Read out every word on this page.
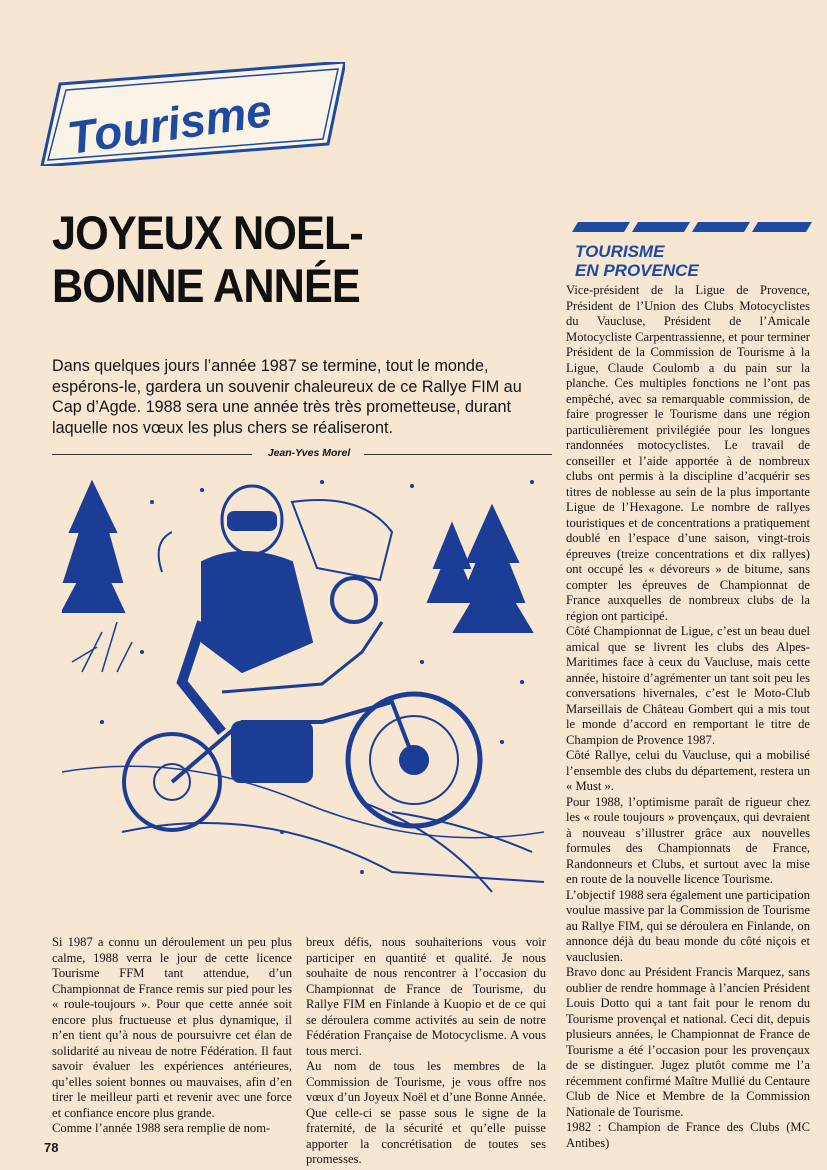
Tourisme
JOYEUX NOEL-
BONNE ANNÉE
Dans quelques jours l’année 1987 se termine, tout le monde, espérons-le, gardera un souvenir chaleureux de ce Rallye FIM au Cap d’Agde. 1988 sera une année très très prometteuse, durant laquelle nos vœux les plus chers se réaliseront.
Jean-Yves Morel

Si 1987 a connu un déroulement un peu plus calme, 1988 verra le jour de cette licence Tourisme FFM tant attendue, d’un Championnat de France remis sur pied pour les « roule-toujours ». Pour que cette année soit encore plus fructueuse et plus dynamique, il n’en tient qu’à nous de poursuivre cet élan de solidarité au niveau de notre Fédération. Il faut savoir évaluer les expériences antérieures, qu’elles soient bonnes ou mauvaises, afin d’en tirer le meilleur parti et revenir avec une force et confiance encore plus grande.

Comme l’année 1988 sera remplie de nom-

breux défis, nous souhaiterions vous voir participer en quantité et qualité. Je nous souhaite de nous rencontrer à l’occasion du Championnat de France de Tourisme, du Rallye FIM en Finlande à Kuopio et de ce qui se déroulera comme activités au sein de notre Fédération Française de Motocyclisme. A vous tous merci.

Au nom de tous les membres de la Commission de Tourisme, je vous offre nos vœux d’un Joyeux Noël et d’une Bonne Année. Que celle-ci se passe sous le signe de la fraternité, de la sécurité et qu’elle puisse apporter la concrétisation de toutes ses promesses.

78
TOURISME
EN PROVENCE

Vice-président de la Ligue de Provence, Président de l’Union des Clubs Motocyclistes du Vaucluse, Président de l’Amicale Motocycliste Carpentrassienne, et pour terminer Président de la Commission de Tourisme à la Ligue, Claude Coulomb a du pain sur la planche. Ces multiples fonctions ne l’ont pas empêché, avec sa remarquable commission, de faire progresser le Tourisme dans une région particulièrement privilégiée pour les longues randonnées motocyclistes. Le travail de conseiller et l’aide apportée à de nombreux clubs ont permis à la discipline d’acquérir ses titres de noblesse au sein de la plus importante Ligue de l’Hexagone. Le nombre de rallyes touristiques et de concentrations a pratiquement doublé en l’espace d’une saison, vingt-trois épreuves (treize concentrations et dix rallyes) ont occupé les « dévoreurs » de bitume, sans compter les épreuves de Championnat de France auxquelles de nombreux clubs de la région ont participé.

Côté Championnat de Ligue, c’est un beau duel amical que se livrent les clubs des Alpes-Maritimes face à ceux du Vaucluse, mais cette année, histoire d’agrémenter un tant soit peu les conversations hivernales, c’est le Moto-Club Marseillais de Château Gombert qui a mis tout le monde d’accord en remportant le titre de Champion de Provence 1987.

Côté Rallye, celui du Vaucluse, qui a mobilisé l’ensemble des clubs du département, restera un « Must ».

Pour 1988, l’optimisme paraît de rigueur chez les « roule toujours » provençaux, qui devraient à nouveau s’illustrer grâce aux nouvelles formules des Championnats de France, Randonneurs et Clubs, et surtout avec la mise en route de la nouvelle licence Tourisme.

L’objectif 1988 sera également une participation voulue massive par la Commission de Tourisme au Rallye FIM, qui se déroulera en Finlande, on annonce déjà du beau monde du côté niçois et vauclusien.

Bravo donc au Président Francis Marquez, sans oublier de rendre hommage à l’ancien Président Louis Dotto qui a tant fait pour le renom du Tourisme provençal et national. Ceci dit, depuis plusieurs années, le Championnat de France de Tourisme a été l’occasion pour les provençaux de se distinguer. Jugez plutôt comme me l’a récemment confirmé Maître Mullié du Centaure Club de Nice et Membre de la Commission Nationale de Tourisme.

1982 : Champion de France des Clubs (MC Antibes)
